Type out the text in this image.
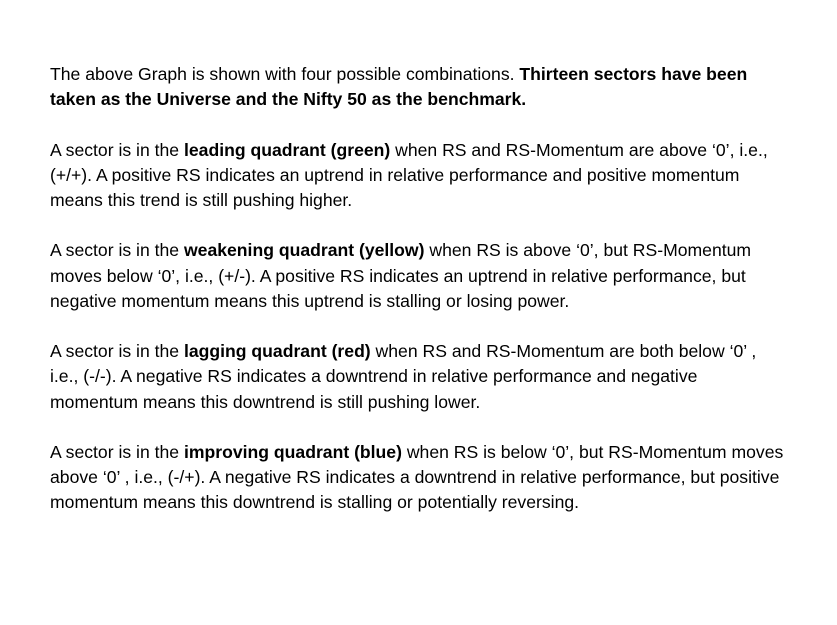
The above Graph is shown with four possible combinations. Thirteen sectors have been taken as the Universe and the Nifty 50 as the benchmark.

A sector is in the leading quadrant (green) when RS and RS-Momentum are above ‘0’, i.e., (+/+). A positive RS indicates an uptrend in relative performance and positive momentum means this trend is still pushing higher.

A sector is in the weakening quadrant (yellow) when RS is above ‘0’, but RS-Momentum moves below ‘0’, i.e., (+/-). A positive RS indicates an uptrend in relative performance, but negative momentum means this uptrend is stalling or losing power.

A sector is in the lagging quadrant (red) when RS and RS-Momentum are both below ‘0’ , i.e., (-/-). A negative RS indicates a downtrend in relative performance and negative momentum means this downtrend is still pushing lower.

A sector is in the improving quadrant (blue) when RS is below ‘0’, but RS-Momentum moves above ‘0’ , i.e., (-/+). A negative RS indicates a downtrend in relative performance, but positive momentum means this downtrend is stalling or potentially reversing.
